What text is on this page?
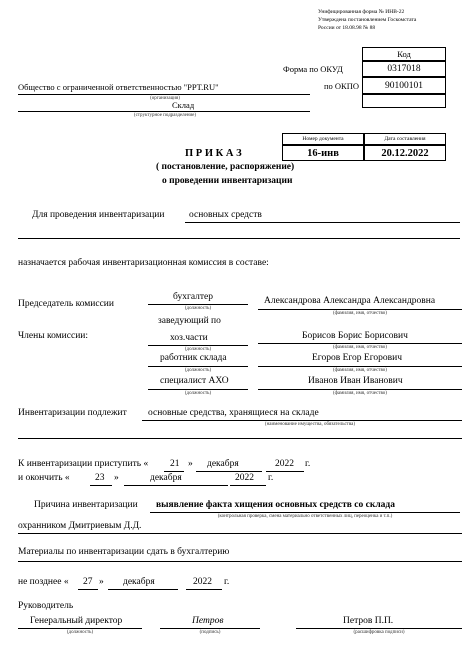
Унифицированная форма № ИНВ-22
Утверждена постановлением Госкомстата
России от 18.08.98 № 88
Код
Форма по ОКУД	0317018
по ОКПО	90100101
Общество с ограниченной ответственностью "PPT.RU"
(организация)
Склад
(структурное подразделение)
Номер документа	Дата составления
16-инв	20.12.2022
П Р И К А З
( постановление, распоряжение)
о проведении инвентаризации
Для проведения инвентаризации	основных средств
назначается рабочая инвентаризационная комиссия в составе:
Председатель комиссии
бухгалтер
(должность)
Александрова Александра Александровна
(фамилия, имя, отчество)
Члены комиссии:
заведующий по
хоз.части
(должность)
Борисов Борис Борисович
(фамилия, имя, отчество)
работник склада
(должность)
Егоров Егор Егорович
(фамилия, имя, отчество)
специалист АХО
(должность)
Иванов Иван Иванович
(фамилия, имя, отчество)
Инвентаризации подлежит основные средства, хранящиеся на складе
(наименование имущества, обязательства)
К инвентаризации приступить « 21 » декабря	2022 г.
и окончить «	23 »	декабря	2022 г.
Причина инвентаризации выявление факта хищения основных средств со склада
(контрольная проверка, смена материально ответственных лиц, переоценка и т.п.)
охранником Дмитриевым Д.Д.
Материалы по инвентаризации сдать в бухгалтерию
не позднее « 27 » декабря	2022 г.
Руководитель
Генеральный директор
(должность)
Петров
(подпись)
Петров П.П.
(расшифровка подписи)
